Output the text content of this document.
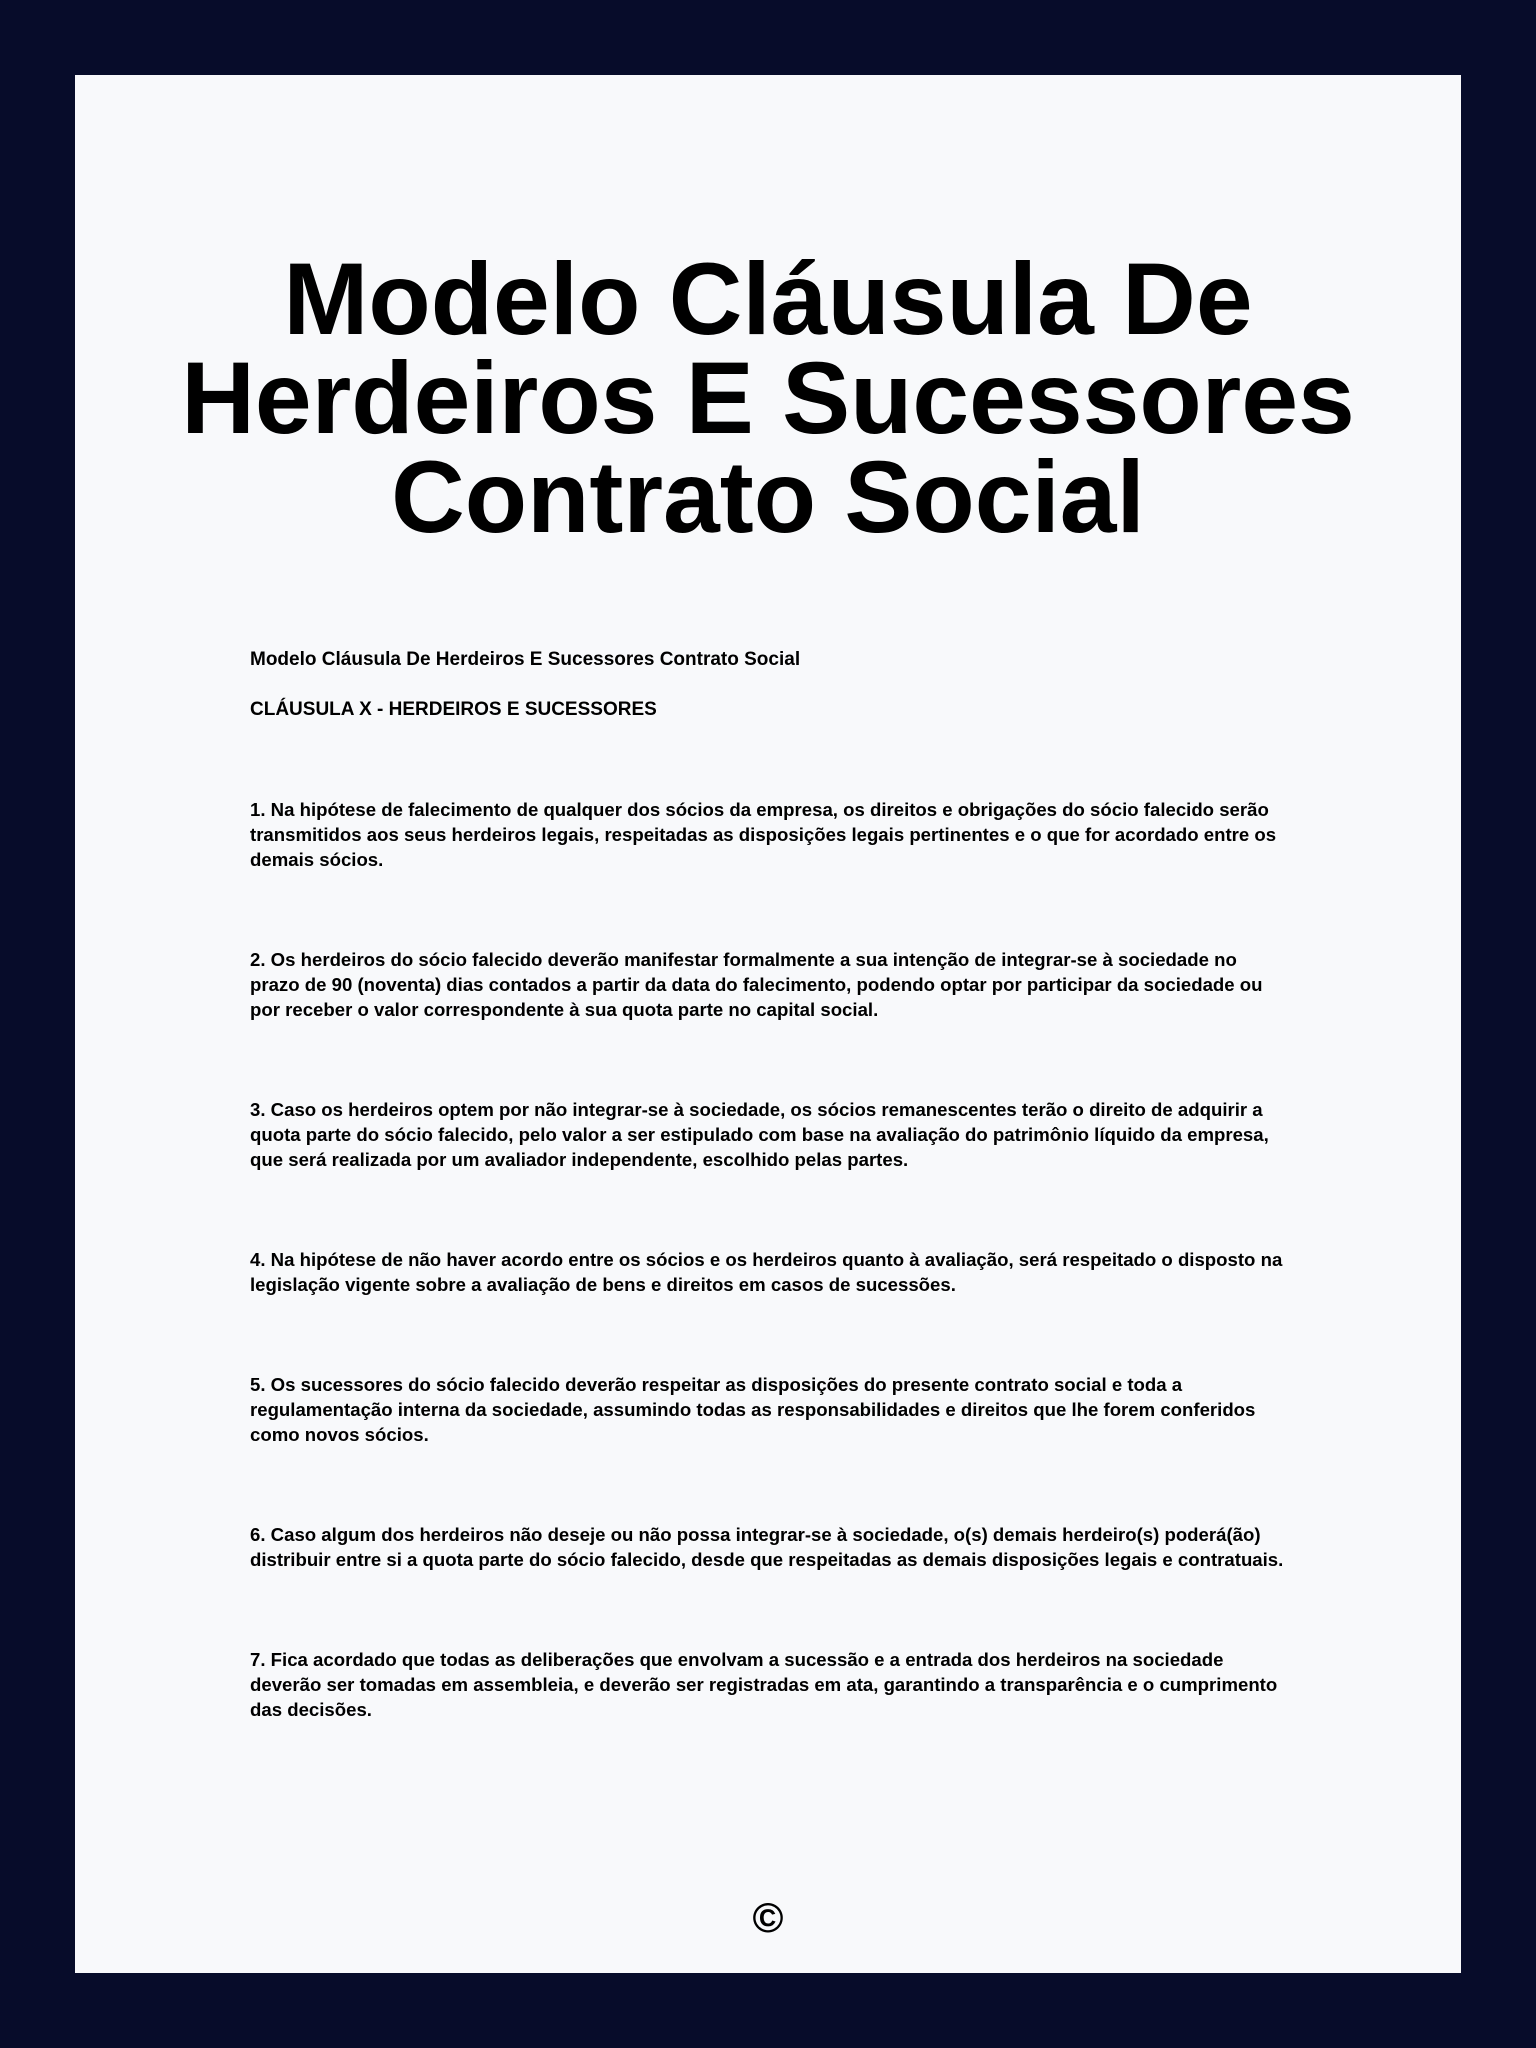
Modelo Cláusula De Herdeiros E Sucessores Contrato Social

Modelo Cláusula De Herdeiros E Sucessores Contrato Social

CLÁUSULA X - HERDEIROS E SUCESSORES

1. Na hipótese de falecimento de qualquer dos sócios da empresa, os direitos e obrigações do sócio falecido serão transmitidos aos seus herdeiros legais, respeitadas as disposições legais pertinentes e o que for acordado entre os demais sócios.

2. Os herdeiros do sócio falecido deverão manifestar formalmente a sua intenção de integrar-se à sociedade no prazo de 90 (noventa) dias contados a partir da data do falecimento, podendo optar por participar da sociedade ou por receber o valor correspondente à sua quota parte no capital social.

3. Caso os herdeiros optem por não integrar-se à sociedade, os sócios remanescentes terão o direito de adquirir a quota parte do sócio falecido, pelo valor a ser estipulado com base na avaliação do patrimônio líquido da empresa, que será realizada por um avaliador independente, escolhido pelas partes.

4. Na hipótese de não haver acordo entre os sócios e os herdeiros quanto à avaliação, será respeitado o disposto na legislação vigente sobre a avaliação de bens e direitos em casos de sucessões.

5. Os sucessores do sócio falecido deverão respeitar as disposições do presente contrato social e toda a regulamentação interna da sociedade, assumindo todas as responsabilidades e direitos que lhe forem conferidos como novos sócios.

6. Caso algum dos herdeiros não deseje ou não possa integrar-se à sociedade, o(s) demais herdeiro(s) poderá(ão) distribuir entre si a quota parte do sócio falecido, desde que respeitadas as demais disposições legais e contratuais.

7. Fica acordado que todas as deliberações que envolvam a sucessão e a entrada dos herdeiros na sociedade deverão ser tomadas em assembleia, e deverão ser registradas em ata, garantindo a transparência e o cumprimento das decisões.

©
